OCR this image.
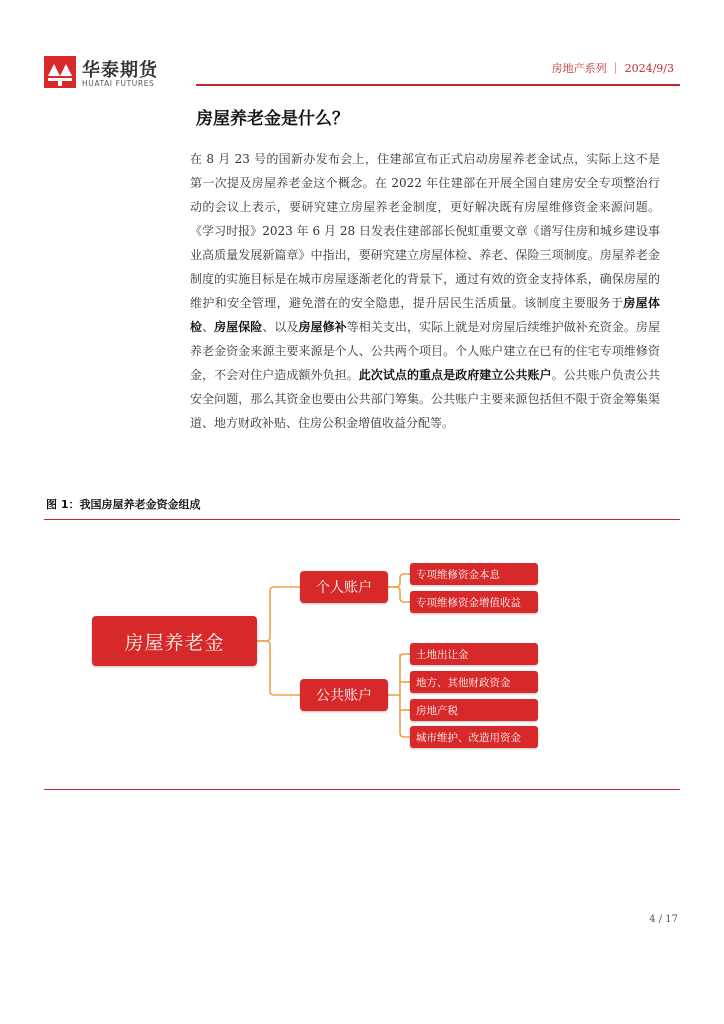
华泰期货
HUATAI FUTURES
房地产系列 ｜ 2024/9/3
房屋养老金是什么？

在 8 月 23 号的国新办发布会上，住建部宣布正式启动房屋养老金试点，实际上这不是第一次提及房屋养老金这个概念。在 2022 年住建部在开展全国自建房安全专项整治行动的会议上表示，要研究建立房屋养老金制度，更好解决既有房屋维修资金来源问题。《学习时报》2023 年 6 月 28 日发表住建部部长倪虹重要文章《谱写住房和城乡建设事业高质量发展新篇章》中指出，要研究建立房屋体检、养老、保险三项制度。房屋养老金制度的实施目标是在城市房屋逐渐老化的背景下，通过有效的资金支持体系，确保房屋的维护和安全管理，避免潜在的安全隐患，提升居民生活质量。该制度主要服务于房屋体检、房屋保险、以及房屋修补等相关支出，实际上就是对房屋后续维护做补充资金。房屋养老金资金来源主要来源是个人、公共两个项目。个人账户建立在已有的住宅专项维修资金，不会对住户造成额外负担。此次试点的重点是政府建立公共账户。公共账户负责公共安全问题，那么其资金也要由公共部门筹集。公共账户主要来源包括但不限于资金筹集渠道、地方财政补贴、住房公积金增值收益分配等。

图 1：我国房屋养老金资金组成
房屋养老金
个人账户
公共账户
专项维修资金本息
专项维修资金增值收益
土地出让金
地方、其他财政资金
房地产税
城市维护、改造用资金
4 / 17
